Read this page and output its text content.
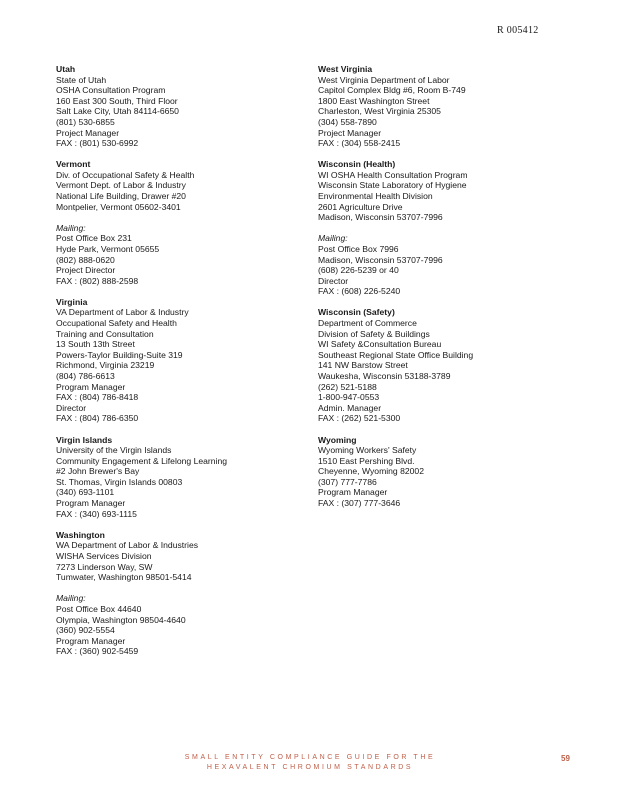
R 005412
Utah
State of Utah
OSHA Consultation Program
160 East 300 South, Third Floor
Salt Lake City, Utah 84114-6650
(801) 530-6855
Project Manager
FAX : (801) 530-6992
Vermont
Div. of Occupational Safety & Health
Vermont Dept. of Labor & Industry
National Life Building, Drawer #20
Montpelier, Vermont 05602-3401
Mailing:
Post Office Box 231
Hyde Park, Vermont 05655
(802) 888-0620
Project Director
FAX : (802) 888-2598
Virginia
VA Department of Labor & Industry
Occupational Safety and Health
Training and Consultation
13 South 13th Street
Powers-Taylor Building-Suite 319
Richmond, Virginia 23219
(804) 786-6613
Program Manager
FAX : (804) 786-8418
Director
FAX : (804) 786-6350
Virgin Islands
University of the Virgin Islands
Community Engagement & Lifelong Learning
#2 John Brewer's Bay
St. Thomas, Virgin Islands 00803
(340) 693-1101
Program Manager
FAX : (340) 693-1115
Washington
WA Department of Labor & Industries
WISHA Services Division
7273 Linderson Way, SW
Tumwater, Washington 98501-5414
Mailing:
Post Office Box 44640
Olympia, Washington 98504-4640
(360) 902-5554
Program Manager
FAX : (360) 902-5459
West Virginia
West Virginia Department of Labor
Capitol Complex Bldg #6, Room B-749
1800 East Washington Street
Charleston, West Virginia 25305
(304) 558-7890
Project Manager
FAX : (304) 558-2415
Wisconsin (Health)
WI OSHA Health Consultation Program
Wisconsin State Laboratory of Hygiene
Environmental Health Division
2601 Agriculture Drive
Madison, Wisconsin 53707-7996
Mailing:
Post Office Box 7996
Madison, Wisconsin 53707-7996
(608) 226-5239 or 40
Director
FAX : (608) 226-5240
Wisconsin (Safety)
Department of Commerce
Division of Safety & Buildings
WI Safety &Consultation Bureau
Southeast Regional State Office Building
141 NW Barstow Street
Waukesha, Wisconsin 53188-3789
(262) 521-5188
1-800-947-0553
Admin. Manager
FAX : (262) 521-5300
Wyoming
Wyoming Workers' Safety
1510 East Pershing Blvd.
Cheyenne, Wyoming 82002
(307) 777-7786
Program Manager
FAX : (307) 777-3646
SMALL ENTITY COMPLIANCE GUIDE FOR THE
HEXAVALENT CHROMIUM STANDARDS
59
